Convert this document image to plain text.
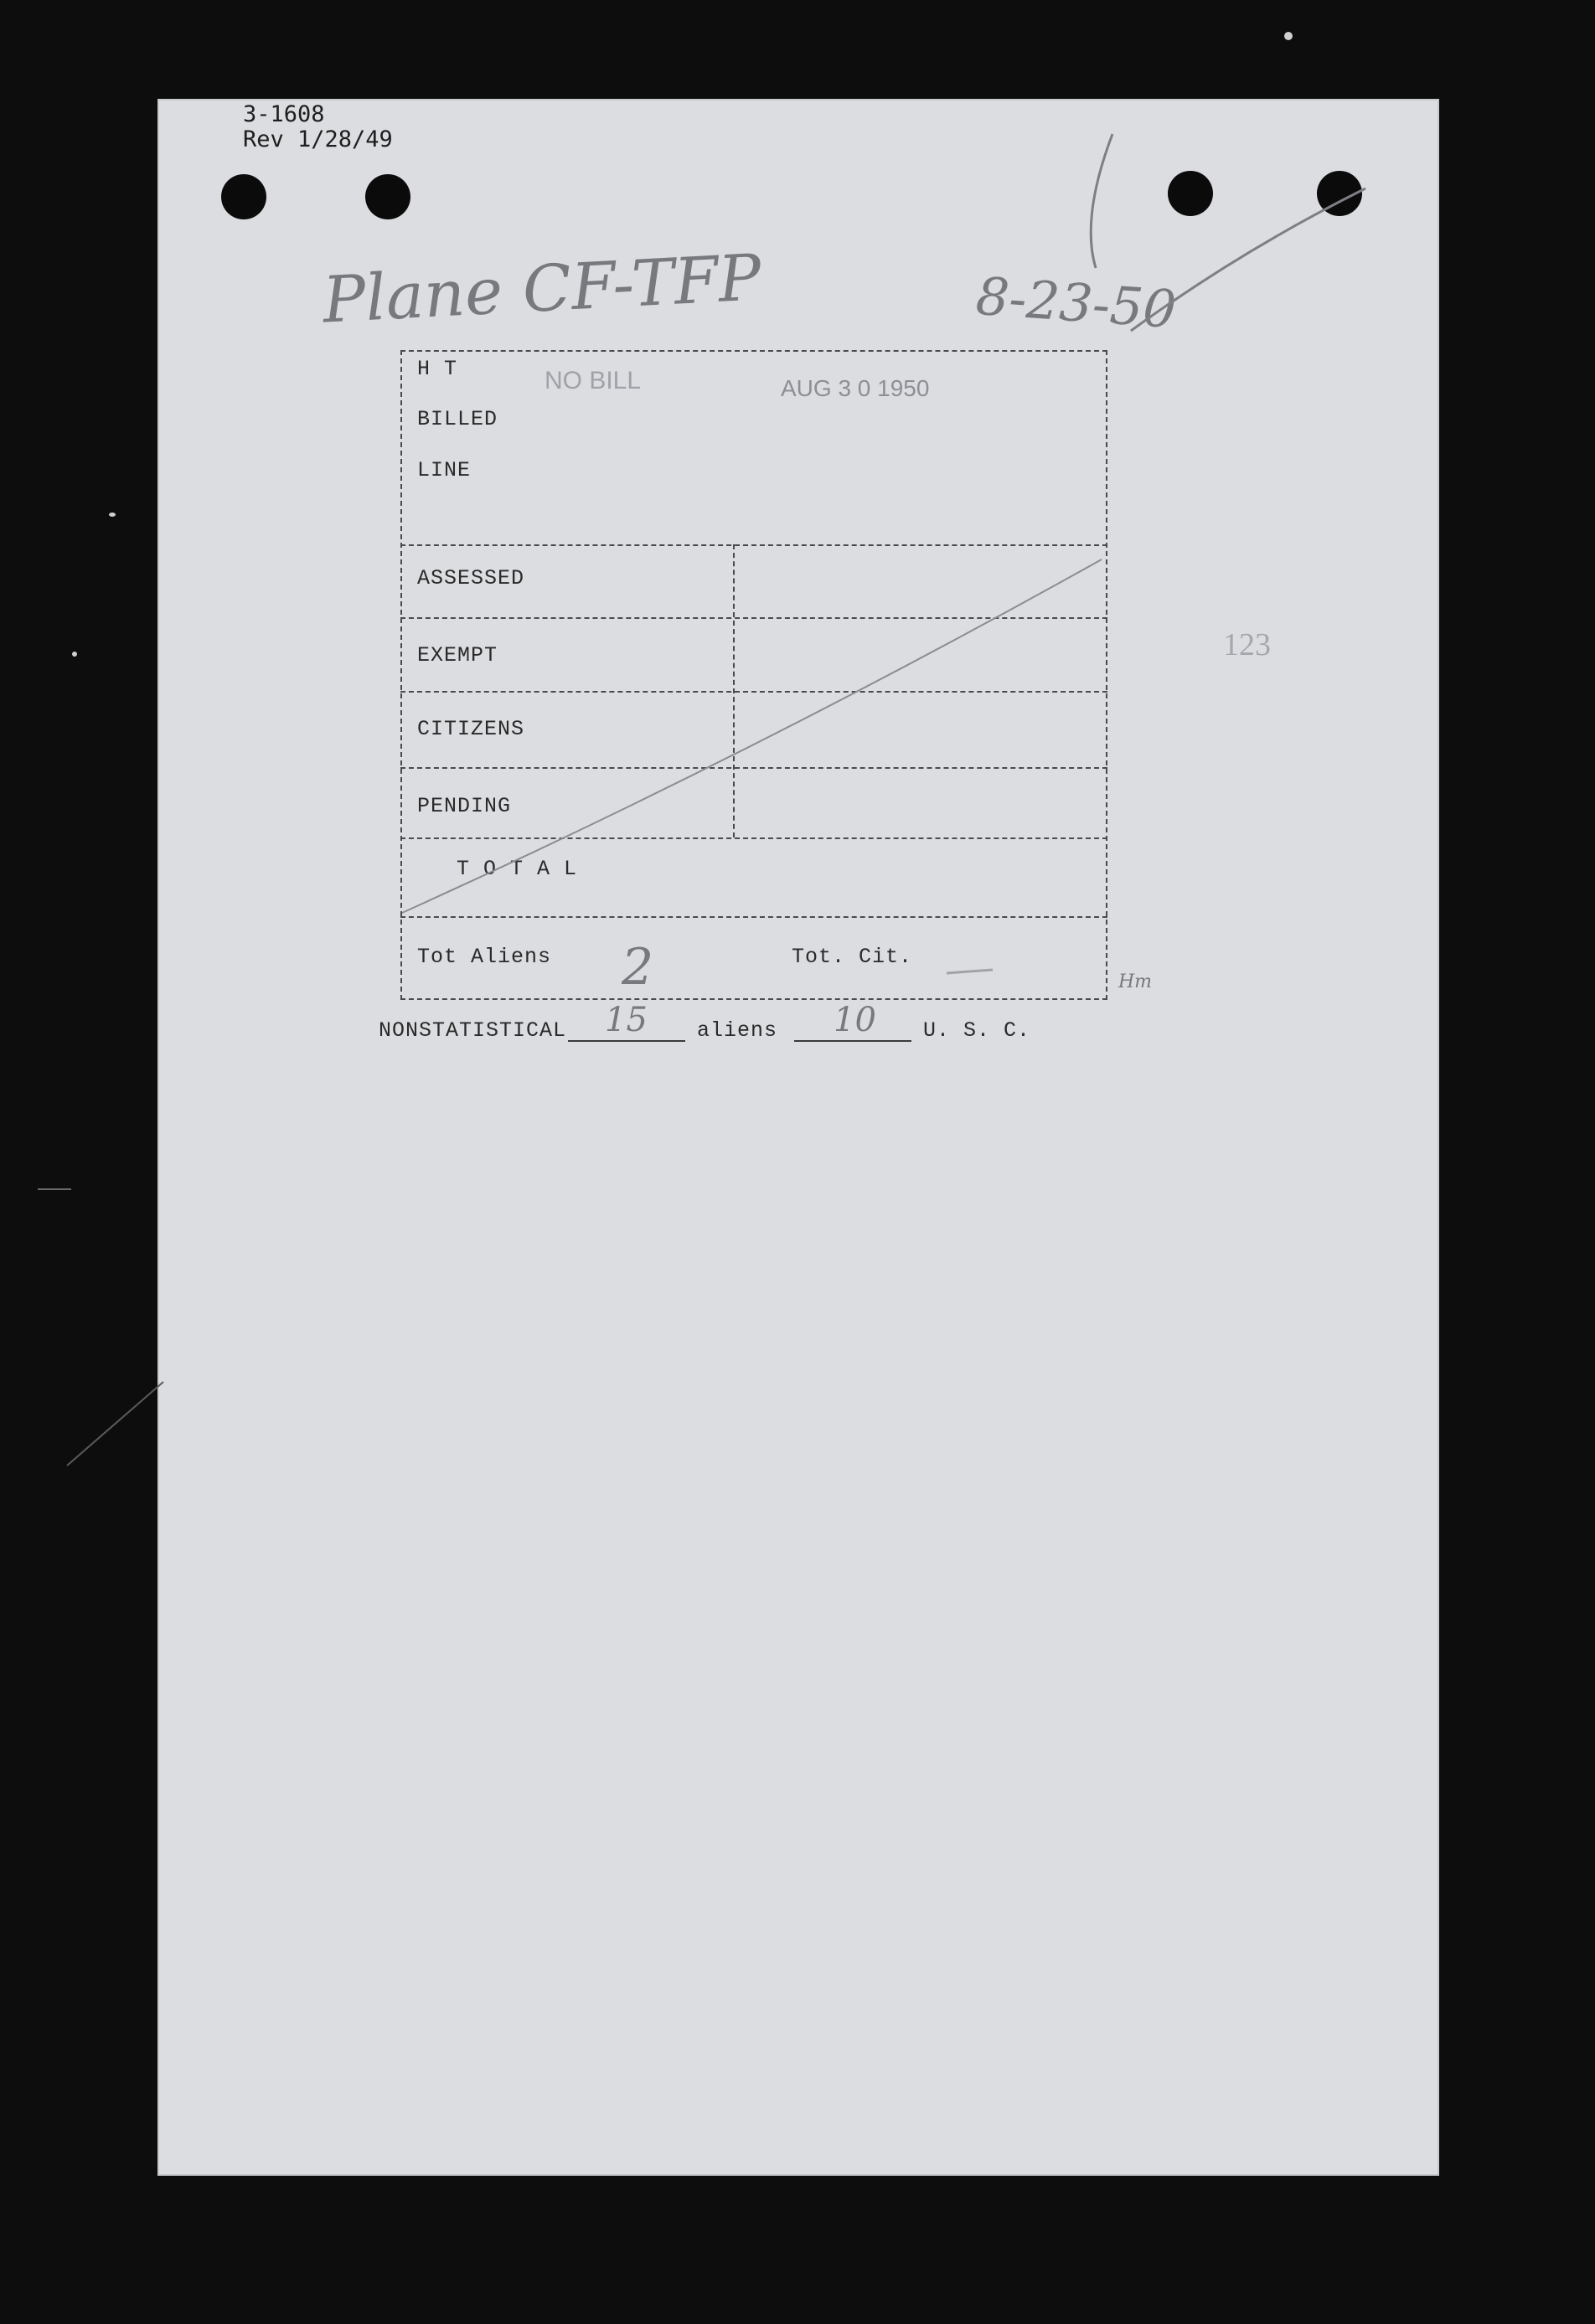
3-1608
Rev 1/28/49
Plane CF-TFP	8-23-50
NO BILL	AUG 3 0 1950
123
H T
BILLED
LINE
ASSESSED
EXEMPT
CITIZENS
PENDING
T O T A L
Tot Aliens 2	Tot. Cit.
Hm
NONSTATISTICAL 15 aliens 10 U. S. C.
